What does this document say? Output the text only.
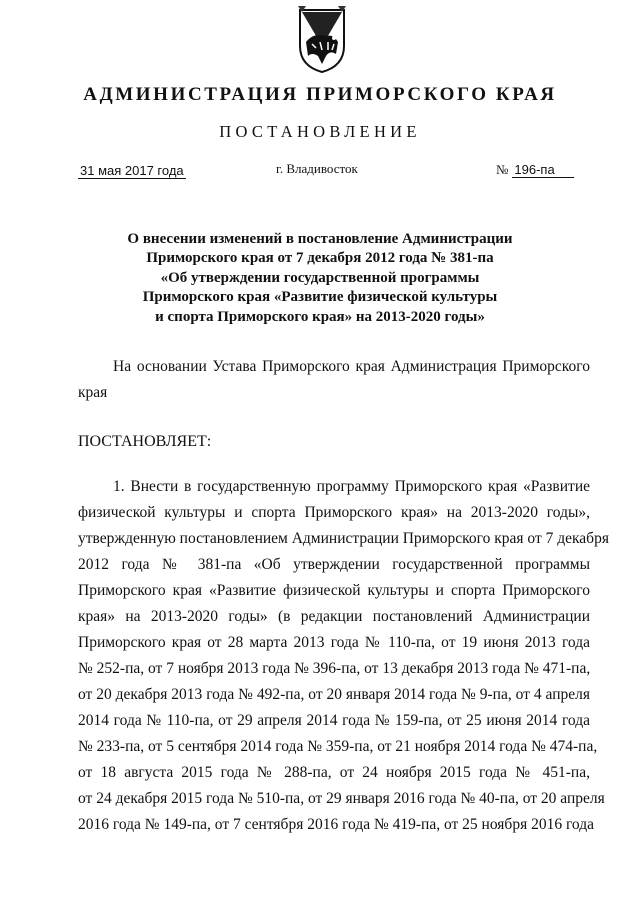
АДМИНИСТРАЦИЯ ПРИМОРСКОГО КРАЯ
ПОСТАНОВЛЕНИЕ
31 мая 2017 года	г. Владивосток	№ 196-па
О внесении изменений в постановление Администрации
Приморского края от 7 декабря 2012 года № 381-па
«Об утверждении государственной программы
Приморского края «Развитие физической культуры
и спорта Приморского края» на 2013-2020 годы»
На основании Устава Приморского края Администрация Приморского
края
ПОСТАНОВЛЯЕТ:
1. Внести в государственную программу Приморского края «Развитие
физической культуры и спорта Приморского края» на 2013-2020 годы»,
утвержденную постановлением Администрации Приморского края от 7 декабря
2012 года № 381-па «Об утверждении государственной программы
Приморского края «Развитие физической культуры и спорта Приморского
края» на 2013-2020 годы» (в редакции постановлений Администрации
Приморского края от 28 марта 2013 года № 110-па, от 19 июня 2013 года
№ 252-па, от 7 ноября 2013 года № 396-па, от 13 декабря 2013 года № 471-па,
от 20 декабря 2013 года № 492-па, от 20 января 2014 года № 9-па, от 4 апреля
2014 года № 110-па, от 29 апреля 2014 года № 159-па, от 25 июня 2014 года
№ 233-па, от 5 сентября 2014 года № 359-па, от 21 ноября 2014 года № 474-па,
от 18 августа 2015 года № 288-па, от 24 ноября 2015 года № 451-па,
от 24 декабря 2015 года № 510-па, от 29 января 2016 года № 40-па, от 20 апреля
2016 года № 149-па, от 7 сентября 2016 года № 419-па, от 25 ноября 2016 года
